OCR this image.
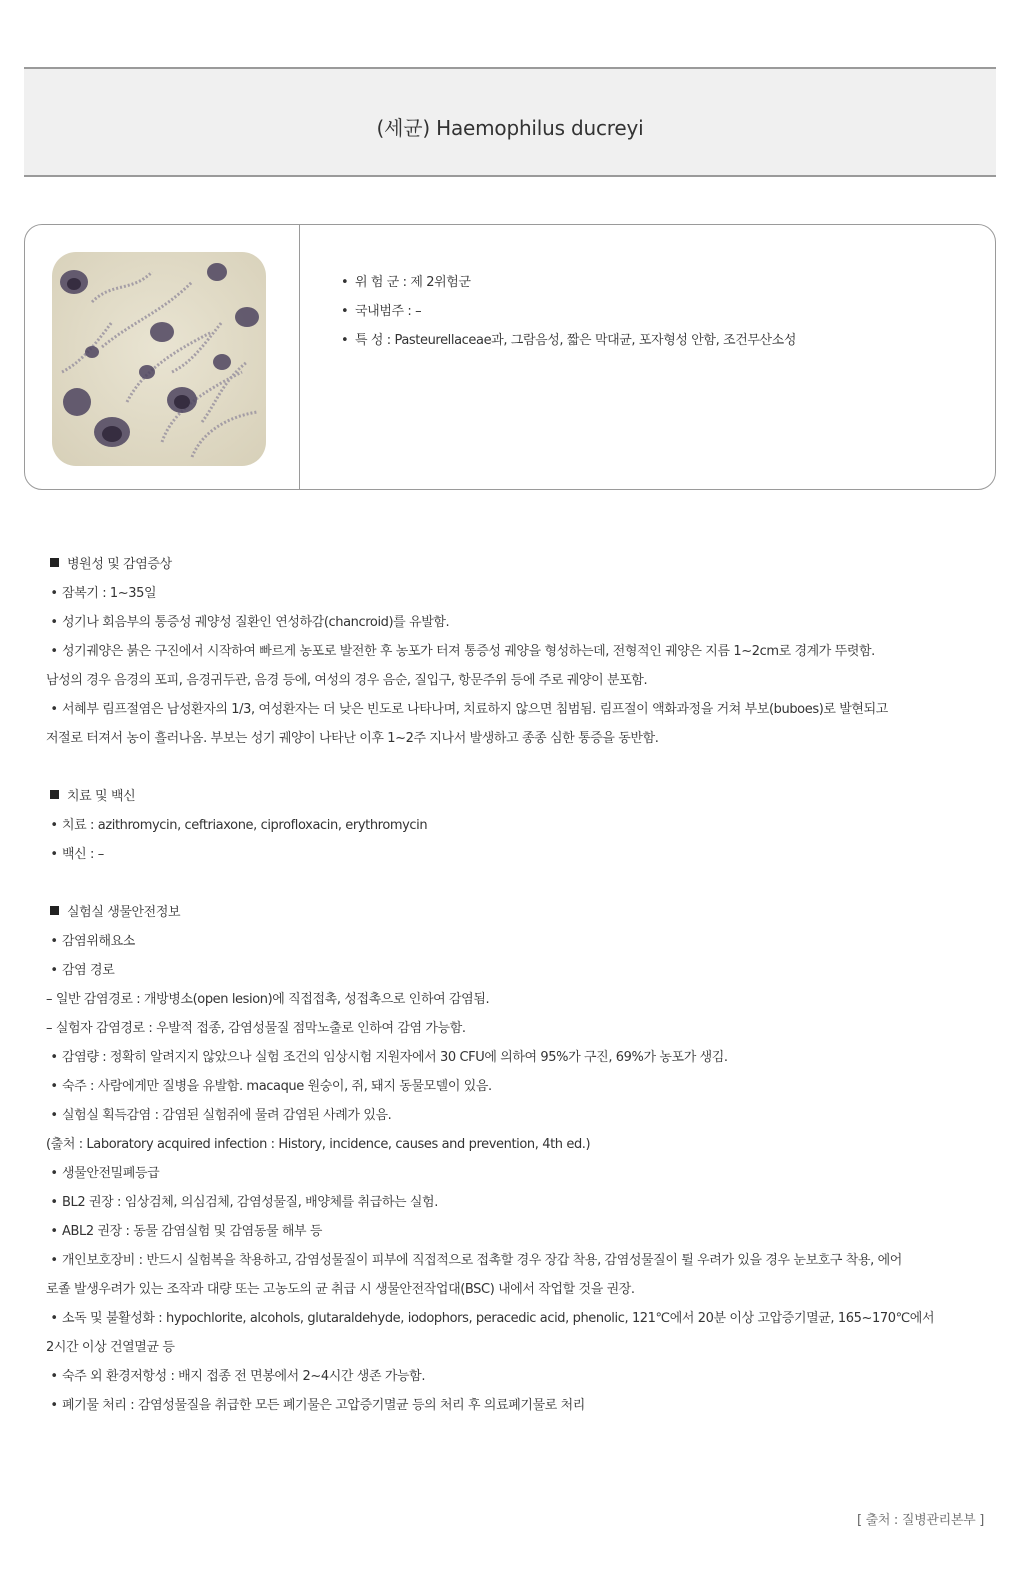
(세균) Haemophilus ducreyi
• 위 험 군 : 제 2위험군
• 국내범주 : –
• 특 성 : Pasteurellaceae과, 그람음성, 짧은 막대균, 포자형성 안함, 조건무산소성
병원성 및 감염증상
• 잠복기 : 1~35일
• 성기나 회음부의 통증성 궤양성 질환인 연성하감(chancroid)를 유발함.
• 성기궤양은 붉은 구진에서 시작하여 빠르게 농포로 발전한 후 농포가 터져 통증성 궤양을 형성하는데, 전형적인 궤양은 지름 1~2cm로 경계가 뚜렷함.
남성의 경우 음경의 포피, 음경귀두관, 음경 등에, 여성의 경우 음순, 질입구, 항문주위 등에 주로 궤양이 분포함.
• 서혜부 림프절염은 남성환자의 1/3, 여성환자는 더 낮은 빈도로 나타나며, 치료하지 않으면 침범됨. 림프절이 액화과정을 거쳐 부보(buboes)로 발현되고
저절로 터져서 농이 흘러나옴. 부보는 성기 궤양이 나타난 이후 1~2주 지나서 발생하고 종종 심한 통증을 동반함.
치료 및 백신
• 치료 : azithromycin, ceftriaxone, ciprofloxacin, erythromycin
• 백신 : –
실험실 생물안전정보
• 감염위해요소
• 감염 경로
– 일반 감염경로 : 개방병소(open lesion)에 직접접촉, 성접촉으로 인하여 감염됨.
– 실험자 감염경로 : 우발적 접종, 감염성물질 점막노출로 인하여 감염 가능함.
• 감염량 : 정확히 알려지지 않았으나 실험 조건의 임상시험 지원자에서 30 CFU에 의하여 95%가 구진, 69%가 농포가 생김.
• 숙주 : 사람에게만 질병을 유발함. macaque 원숭이, 쥐, 돼지 동물모델이 있음.
• 실험실 획득감염 : 감염된 실험쥐에 물려 감염된 사례가 있음.
(출처 : Laboratory acquired infection : History, incidence, causes and prevention, 4th ed.)
• 생물안전밀폐등급
• BL2 권장 : 임상검체, 의심검체, 감염성물질, 배양체를 취급하는 실험.
• ABL2 권장 : 동물 감염실험 및 감염동물 해부 등
• 개인보호장비 : 반드시 실험복을 착용하고, 감염성물질이 피부에 직접적으로 접촉할 경우 장갑 착용, 감염성물질이 튈 우려가 있을 경우 눈보호구 착용, 에어
로졸 발생우려가 있는 조작과 대량 또는 고농도의 균 취급 시 생물안전작업대(BSC) 내에서 작업할 것을 권장.
• 소독 및 불활성화 : hypochlorite, alcohols, glutaraldehyde, iodophors, peracedic acid, phenolic, 121℃에서 20분 이상 고압증기멸균, 165~170℃에서
2시간 이상 건열멸균 등
• 숙주 외 환경저항성 : 배지 접종 전 면봉에서 2~4시간 생존 가능함.
• 폐기물 처리 : 감염성물질을 취급한 모든 폐기물은 고압증기멸균 등의 처리 후 의료폐기물로 처리
[ 출처 : 질병관리본부 ]
